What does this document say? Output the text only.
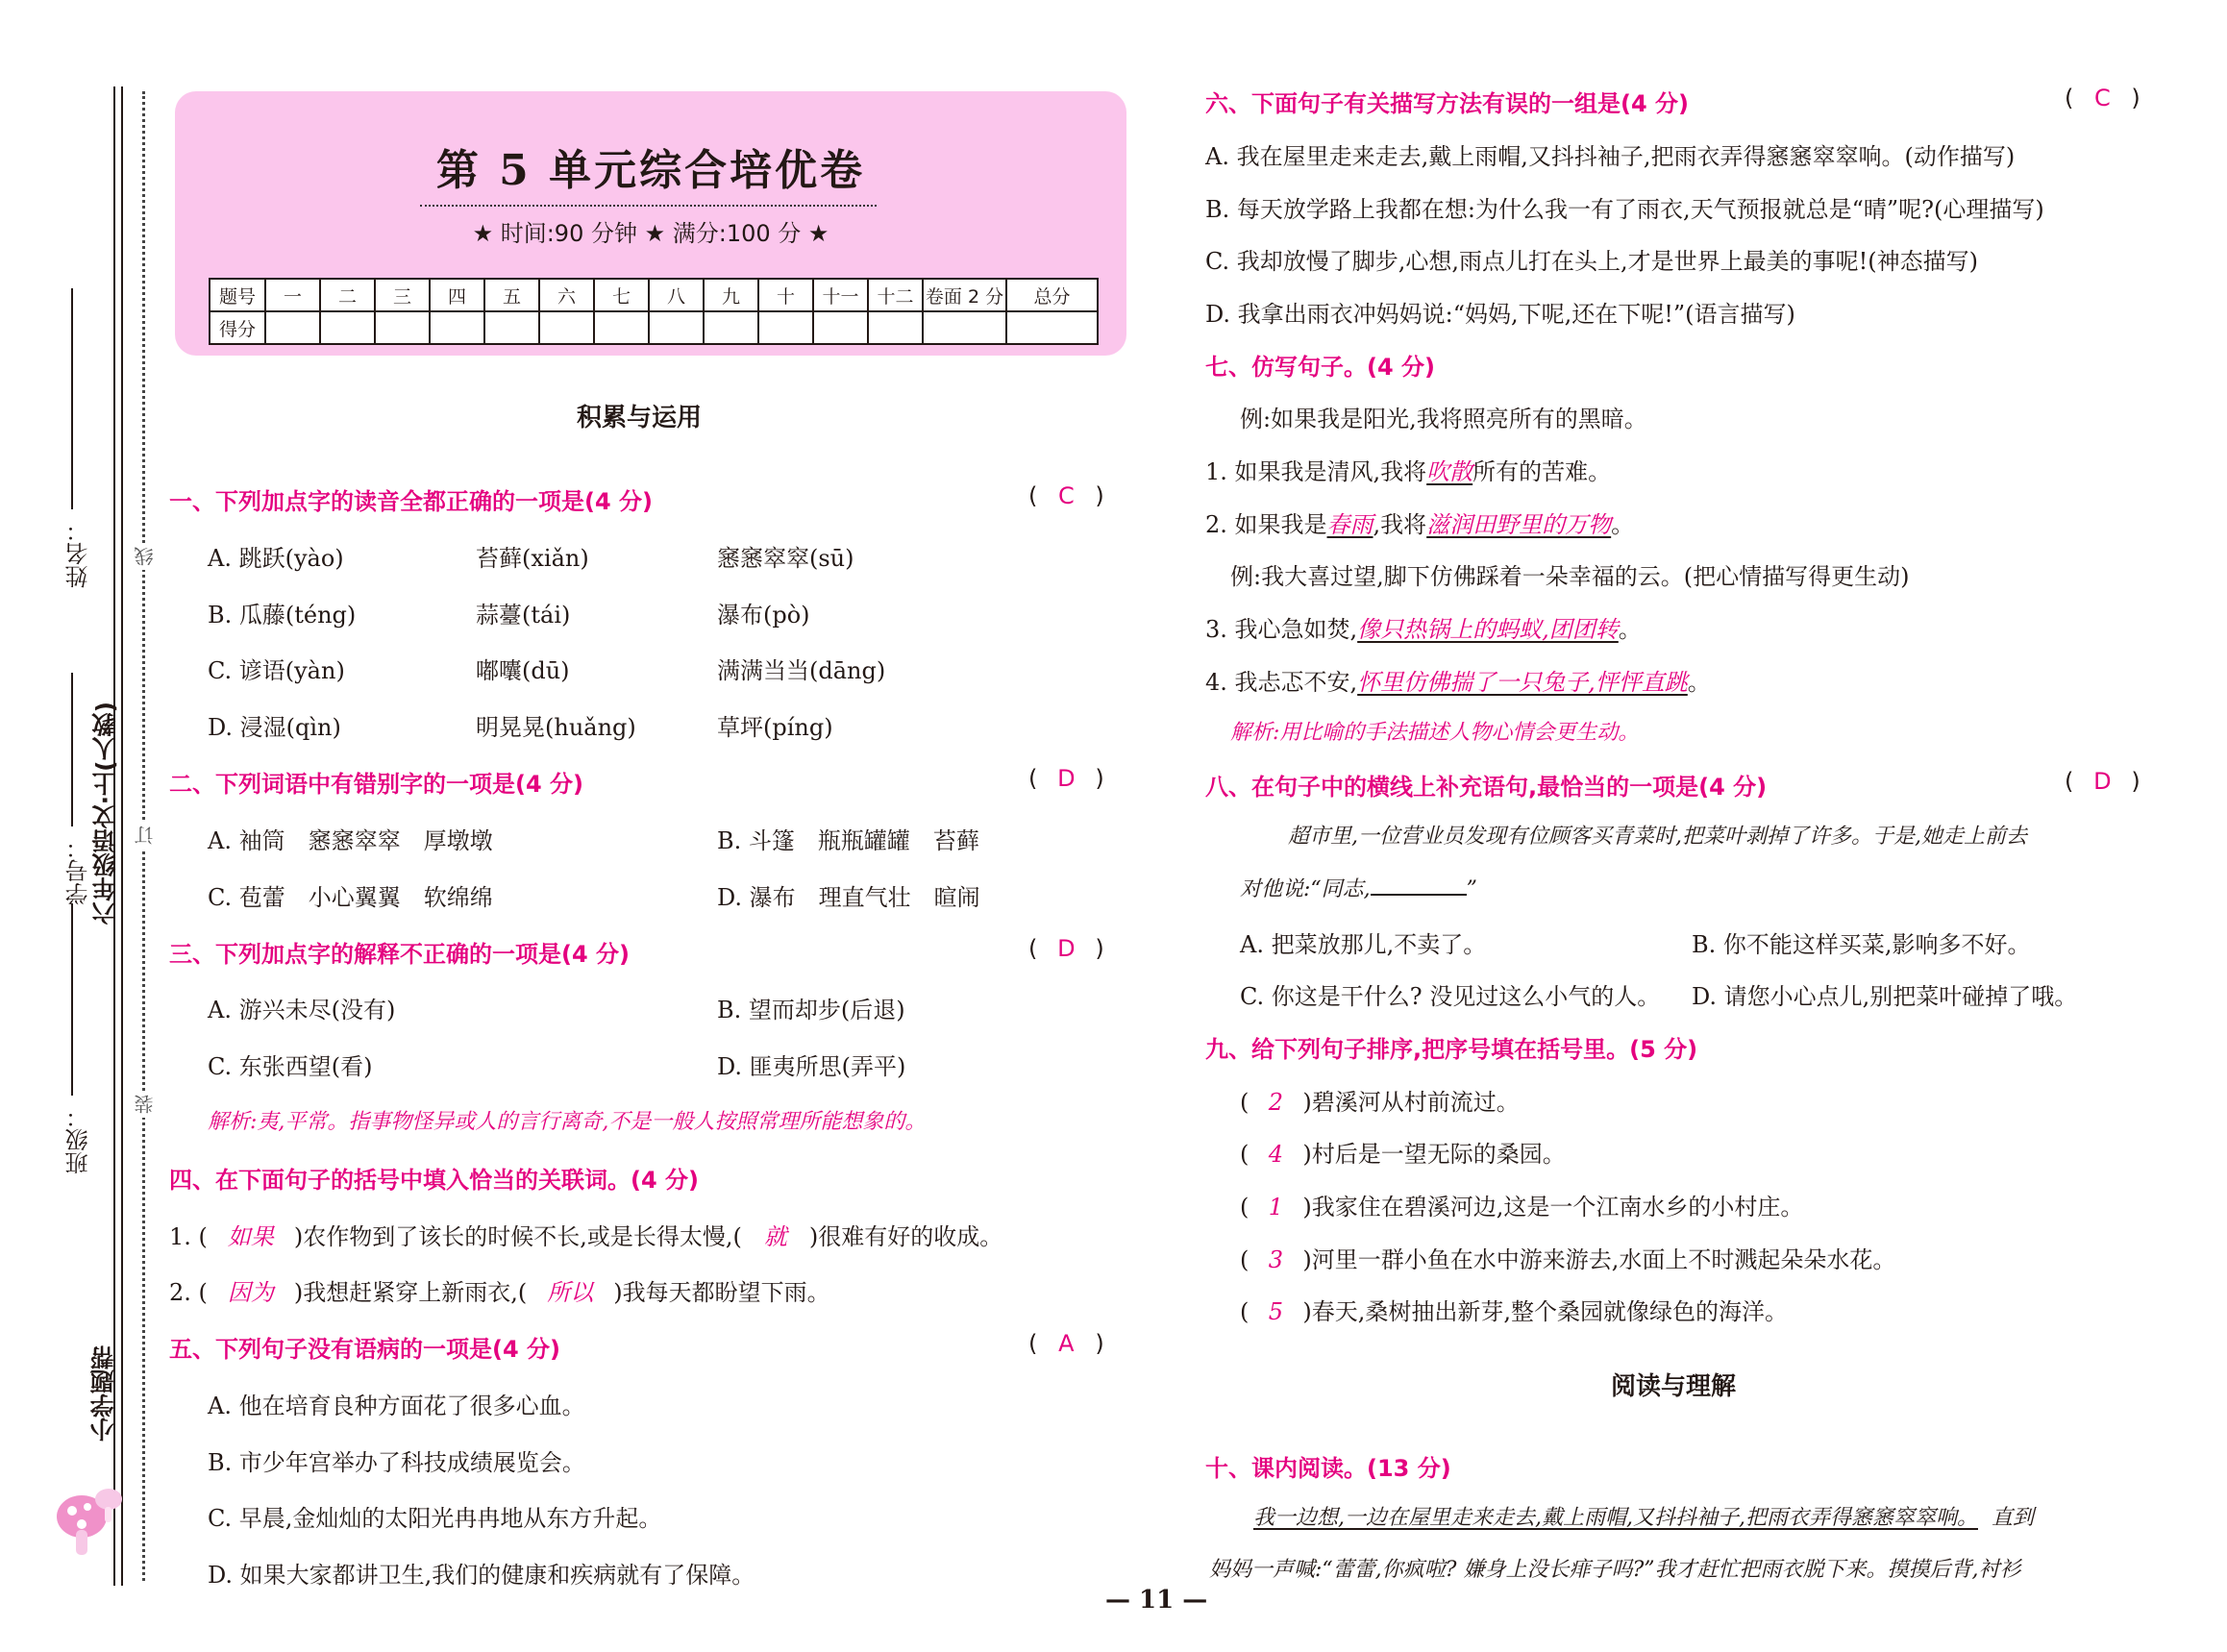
姓名：
学号：
班级：
六年级语文·上(人教)
小学题帮
线
订
装
第 5 单元综合培优卷
★ 时间:90 分钟 ★ 满分:100 分 ★
题号	一	二	三	四	五	六	七	八	九	十	十一	十二	卷面 2 分	总分
得分														
积累与运用
一、下列加点字的读音全都正确的一项是(4 分)	( C )
A. 跳跃(yào)	苔藓(xiǎn)	窸窸窣窣(sū)
B. 瓜藤(téng)	蒜薹(tái)	瀑布(pò)
C. 谚语(yàn)	嘟囔(dū)	满满当当(dāng)
D. 浸湿(qìn)	明晃晃(huǎng)	草坪(píng)
二、下列词语中有错别字的一项是(4 分)	( D )
A. 袖筒　窸窸窣窣　厚墩墩	B. 斗篷　瓶瓶罐罐　苔藓
C. 苞蕾　小心翼翼　软绵绵	D. 瀑布　理直气壮　暄闹
三、下列加点字的解释不正确的一项是(4 分)	( D )
A. 游兴未尽(没有)	B. 望而却步(后退)
C. 东张西望(看)	D. 匪夷所思(弄平)
解析:夷,平常。指事物怪异或人的言行离奇,不是一般人按照常理所能想象的。
四、在下面句子的括号中填入恰当的关联词。(4 分)
1. ( 如果 )农作物到了该长的时候不长,或是长得太慢,( 就 )很难有好的收成。
2. ( 因为 )我想赶紧穿上新雨衣,( 所以 )我每天都盼望下雨。
五、下列句子没有语病的一项是(4 分)	( A )
A. 他在培育良种方面花了很多心血。
B. 市少年宫举办了科技成绩展览会。
C. 早晨,金灿灿的太阳光冉冉地从东方升起。
D. 如果大家都讲卫生,我们的健康和疾病就有了保障。
六、下面句子有关描写方法有误的一组是(4 分)	( C )
A. 我在屋里走来走去,戴上雨帽,又抖抖袖子,把雨衣弄得窸窸窣窣响。(动作描写)
B. 每天放学路上我都在想:为什么我一有了雨衣,天气预报就总是“晴”呢?(心理描写)
C. 我却放慢了脚步,心想,雨点儿打在头上,才是世界上最美的事呢!(神态描写)
D. 我拿出雨衣冲妈妈说:“妈妈,下呢,还在下呢!”(语言描写)
七、仿写句子。(4 分)
例:如果我是阳光,我将照亮所有的黑暗。
1. 如果我是清风,我将吹散所有的苦难。
2. 如果我是春雨,我将滋润田野里的万物。
例:我大喜过望,脚下仿佛踩着一朵幸福的云。(把心情描写得更生动)
3. 我心急如焚,像只热锅上的蚂蚁,团团转。
4. 我忐忑不安,怀里仿佛揣了一只兔子,怦怦直跳。
解析:用比喻的手法描述人物心情会更生动。
八、在句子中的横线上补充语句,最恰当的一项是(4 分)	( D )
超市里,一位营业员发现有位顾客买青菜时,把菜叶剥掉了许多。于是,她走上前去
对他说:“同志,	”
A. 把菜放那儿,不卖了。	B. 你不能这样买菜,影响多不好。
C. 你这是干什么? 没见过这么小气的人。 D. 请您小心点儿,别把菜叶碰掉了哦。
九、给下列句子排序,把序号填在括号里。(5 分)
( 2 )碧溪河从村前流过。
( 4 )村后是一望无际的桑园。
( 1 )我家住在碧溪河边,这是一个江南水乡的小村庄。
( 3 )河里一群小鱼在水中游来游去,水面上不时溅起朵朵水花。
( 5 )春天,桑树抽出新芽,整个桑园就像绿色的海洋。
阅读与理解
十、课内阅读。(13 分)
我一边想,一边在屋里走来走去,戴上雨帽,又抖抖袖子,把雨衣弄得窸窸窣窣响。 直到
妈妈一声喊:“蕾蕾,你疯啦? 嫌身上没长痱子吗?”我才赶忙把雨衣脱下来。摸摸后背,衬衫
— 11 —
